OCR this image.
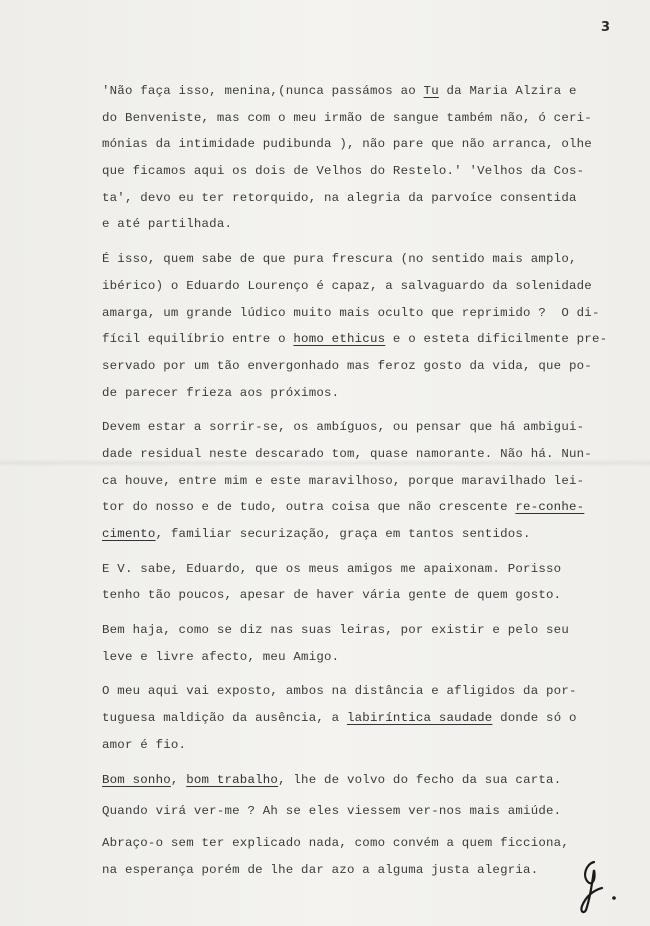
3
'Não faça isso, menina,(nunca passámos ao Tu da Maria Alzira e
do Benveniste, mas com o meu irmão de sangue também não, ó ceri-
mónias da intimidade pudibunda ), não pare que não arranca, olhe
que ficamos aqui os dois de Velhos do Restelo.' 'Velhos da Cos-
ta', devo eu ter retorquido, na alegria da parvoíce consentida
e até partilhada.
É isso, quem sabe de que pura frescura (no sentido mais amplo,
ibérico) o Eduardo Lourenço é capaz, a salvaguardo da solenidade
amarga, um grande lúdico muito mais oculto que reprimido ?  O di-
fícil equilíbrio entre o homo ethicus e o esteta dificilmente pre-
servado por um tão envergonhado mas feroz gosto da vida, que po-
de parecer frieza aos próximos.
Devem estar a sorrir-se, os ambíguos, ou pensar que há ambigui-
dade residual neste descarado tom, quase namorante. Não há. Nun-
ca houve, entre mim e este maravilhoso, porque maravilhado lei-
tor do nosso e de tudo, outra coisa que não crescente re-conhe-
cimento, familiar securização, graça em tantos sentidos.
E V. sabe, Eduardo, que os meus amigos me apaixonam. Porisso
tenho tão poucos, apesar de haver vária gente de quem gosto.
Bem haja, como se diz nas suas leiras, por existir e pelo seu
leve e livre afecto, meu Amigo.
O meu aqui vai exposto, ambos na distância e afligidos da por-
tuguesa maldição da ausência, a labiríntica saudade donde só o
amor é fio.
Bom sonho, bom trabalho, lhe de volvo do fecho da sua carta.
Quando virá ver-me ? Ah se eles viessem ver-nos mais amiúde.
Abraço-o sem ter explicado nada, como convém a quem ficciona,
na esperança porém de lhe dar azo a alguma justa alegria.
